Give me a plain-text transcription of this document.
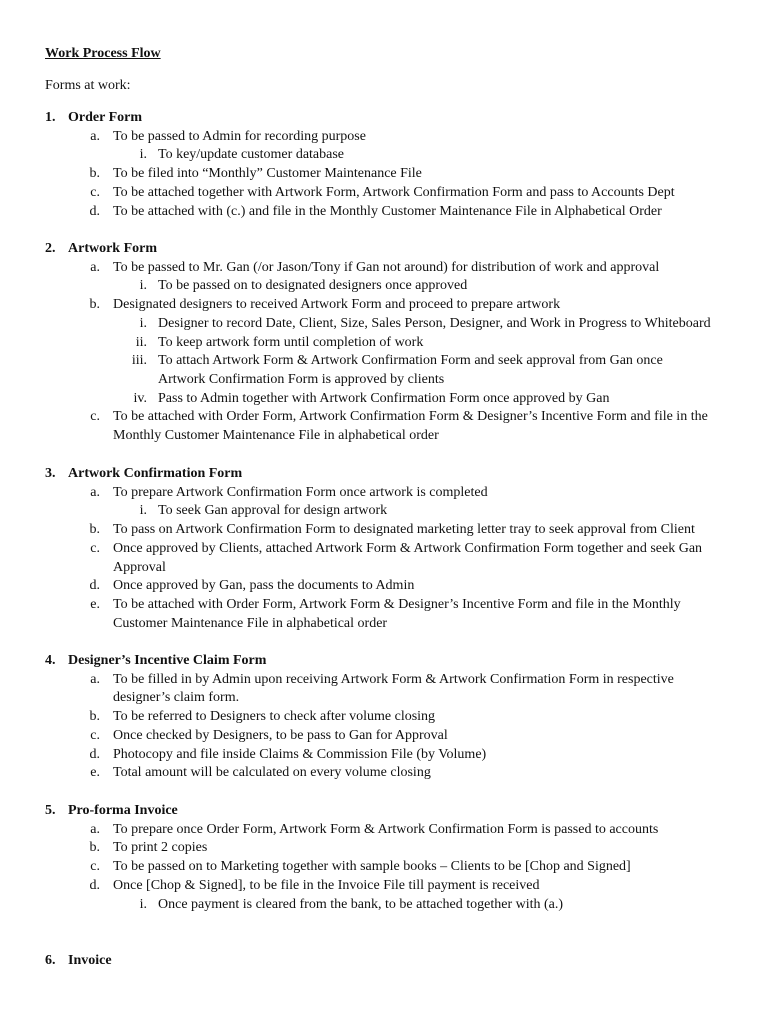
Work Process Flow
Forms at work:
1. Order Form
a. To be passed to Admin for recording purpose
i. To key/update customer database
b. To be filed into “Monthly” Customer Maintenance File
c. To be attached together with Artwork Form, Artwork Confirmation Form and pass to Accounts Dept
d. To be attached with (c.) and file in the Monthly Customer Maintenance File in Alphabetical Order
2. Artwork Form
a. To be passed to Mr. Gan (/or Jason/Tony if Gan not around) for distribution of work and approval
i. To be passed on to designated designers once approved
b. Designated designers to received Artwork Form and proceed to prepare artwork
i. Designer to record Date, Client, Size, Sales Person, Designer, and Work in Progress to Whiteboard
ii. To keep artwork form until completion of work
iii. To attach Artwork Form & Artwork Confirmation Form and seek approval from Gan once Artwork Confirmation Form is approved by clients
iv. Pass to Admin together with Artwork Confirmation Form once approved by Gan
c. To be attached with Order Form, Artwork Confirmation Form & Designer’s Incentive Form and file in the Monthly Customer Maintenance File in alphabetical order
3. Artwork Confirmation Form
a. To prepare Artwork Confirmation Form once artwork is completed
i. To seek Gan approval for design artwork
b. To pass on Artwork Confirmation Form to designated marketing letter tray to seek approval from Client
c. Once approved by Clients, attached Artwork Form & Artwork Confirmation Form together and seek Gan Approval
d. Once approved by Gan, pass the documents to Admin
e. To be attached with Order Form, Artwork Form & Designer’s Incentive Form and file in the Monthly Customer Maintenance File in alphabetical order
4. Designer’s Incentive Claim Form
a. To be filled in by Admin upon receiving Artwork Form & Artwork Confirmation Form in respective designer’s claim form.
b. To be referred to Designers to check after volume closing
c. Once checked by Designers, to be pass to Gan for Approval
d. Photocopy and file inside Claims & Commission File (by Volume)
e. Total amount will be calculated on every volume closing
5. Pro-forma Invoice
a. To prepare once Order Form, Artwork Form & Artwork Confirmation Form is passed to accounts
b. To print 2 copies
c. To be passed on to Marketing together with sample books – Clients to be [Chop and Signed]
d. Once [Chop & Signed], to be file in the Invoice File till payment is received
i. Once payment is cleared from the bank, to be attached together with (a.)
6. Invoice
